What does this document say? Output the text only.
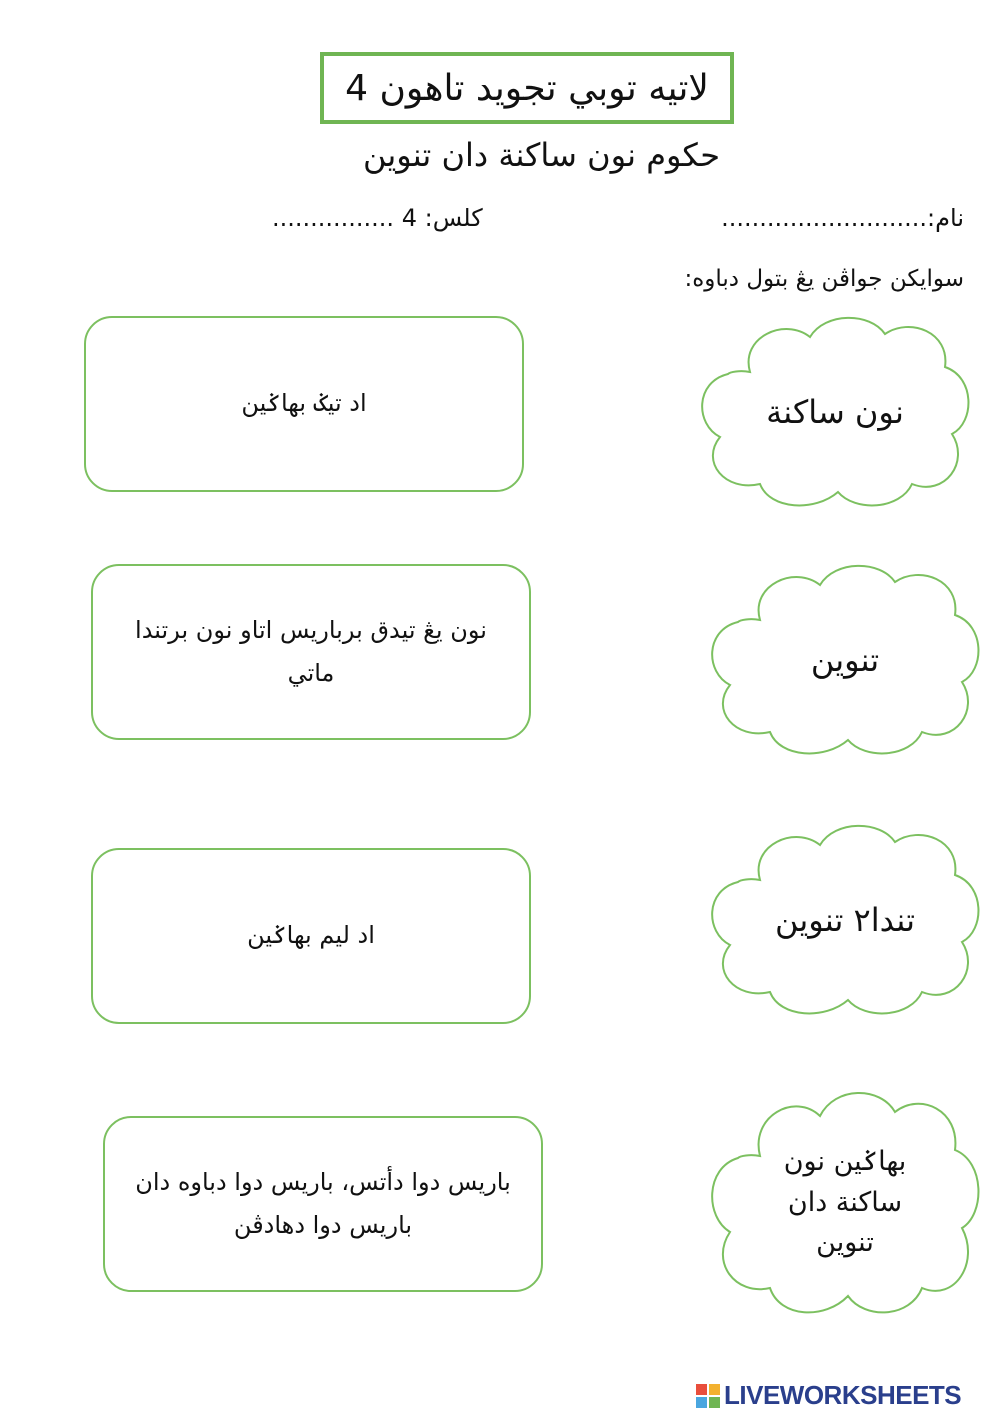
لاتيه توبي تجويد تاهون 4
حكوم نون ساكنة دان تنوين
نام:...........................
كلس: 4 ................
سوايكن جواڤن يڠ بتول دباوه:
اد تيݢ بهاݢين
نون يڠ تيدق برباريس اتاو نون برتندا ماتي
اد ليم بهاݢين
باريس دوا دأتس، باريس دوا دباوه دان باريس دوا دهادڤن
نون ساكنة
تنوين
تندا٢ تنوين
بهاݢين نون ساكنة دان تنوين
LIVEWORKSHEETS
